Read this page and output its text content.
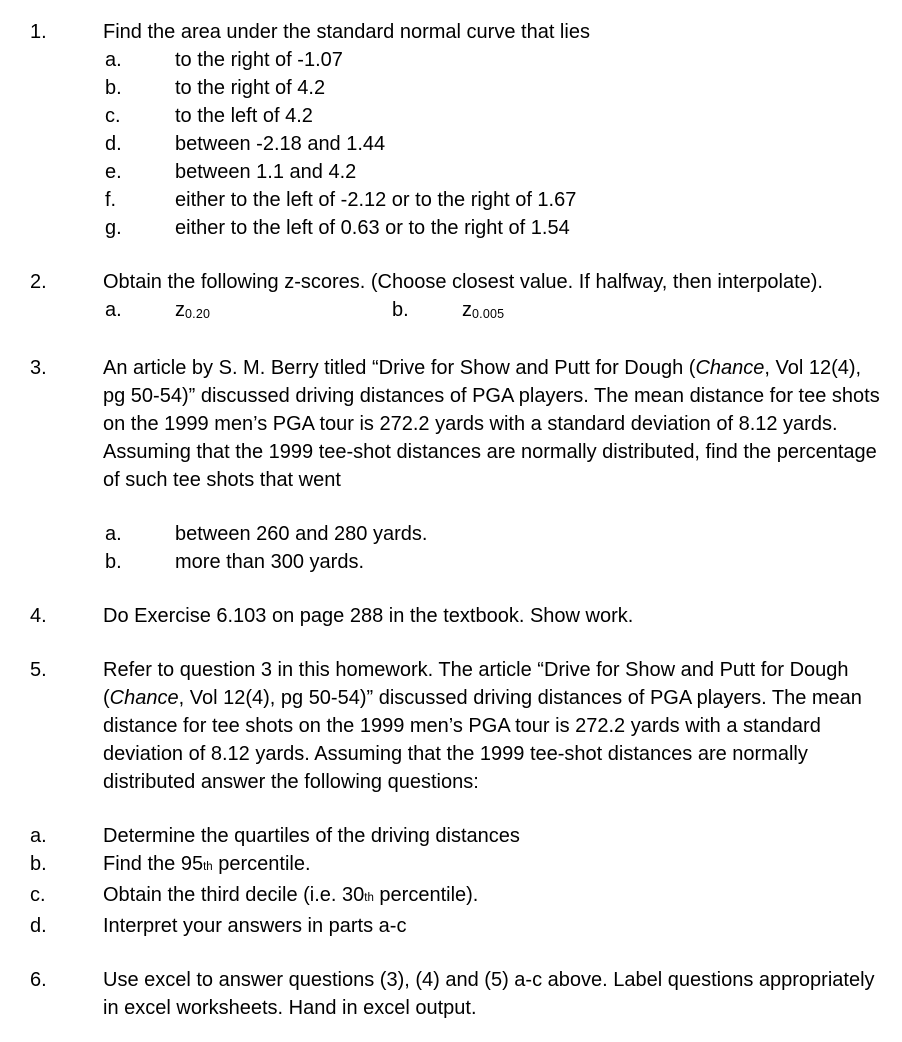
1.	Find the area under the standard normal curve that lies
a.	to the right of -1.07
b.	to the right of 4.2
c.	to the left of 4.2
d.	between -2.18 and 1.44
e.	between 1.1 and 4.2
f.	either to the left of -2.12 or to the right of 1.67
g.	either to the left of 0.63 or to the right of 1.54
2.	Obtain the following z-scores. (Choose closest value. If halfway, then interpolate).
a.	z0.20	b.	z0.005
3.	An article by S. M. Berry titled “Drive for Show and Putt for Dough (Chance, Vol 12(4), pg 50-54)” discussed driving distances of PGA players. The mean distance for tee shots on the 1999 men’s PGA tour is 272.2 yards with a standard deviation of 8.12 yards. Assuming that the 1999 tee-shot distances are normally distributed, find the percentage of such tee shots that went
a.	between 260 and 280 yards.
b.	more than 300 yards.
4.	Do Exercise 6.103 on page 288 in the textbook. Show work.
5.	Refer to question 3 in this homework. The article “Drive for Show and Putt for Dough (Chance, Vol 12(4), pg 50-54)” discussed driving distances of PGA players. The mean distance for tee shots on the 1999 men’s PGA tour is 272.2 yards with a standard deviation of 8.12 yards. Assuming that the 1999 tee-shot distances are normally distributed answer the following questions:
a.	Determine the quartiles of the driving distances
b.	Find the 95th percentile.
c.	Obtain the third decile (i.e. 30th percentile).
d.	Interpret your answers in parts a-c
6.	Use excel to answer questions (3), (4) and (5) a-c above. Label questions appropriately in excel worksheets. Hand in excel output.
